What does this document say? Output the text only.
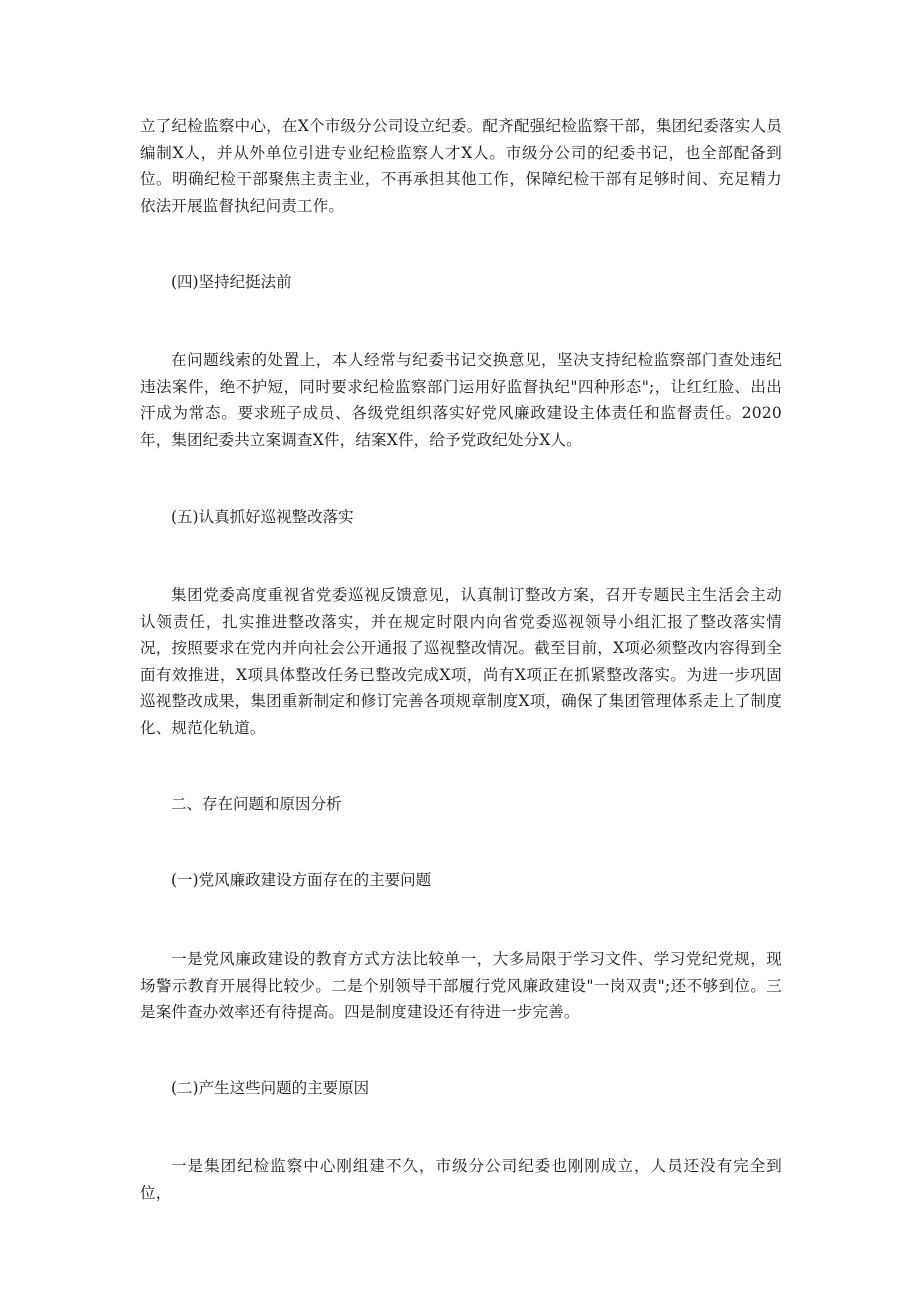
立了纪检监察中心，在X个市级分公司设立纪委。配齐配强纪检监察干部，集团纪委落实人员编制X人，并从外单位引进专业纪检监察人才X人。市级分公司的纪委书记，也全部配备到位。明确纪检干部聚焦主责主业，不再承担其他工作，保障纪检干部有足够时间、充足精力依法开展监督执纪问责工作。

(四)坚持纪挺法前

在问题线索的处置上，本人经常与纪委书记交换意见，坚决支持纪检监察部门查处违纪违法案件，绝不护短，同时要求纪检监察部门运用好监督执纪"四种形态";，让红红脸、出出汗成为常态。要求班子成员、各级党组织落实好党风廉政建设主体责任和监督责任。2020年，集团纪委共立案调查X件，结案X件，给予党政纪处分X人。

(五)认真抓好巡视整改落实

集团党委高度重视省党委巡视反馈意见，认真制订整改方案，召开专题民主生活会主动认领责任，扎实推进整改落实，并在规定时限内向省党委巡视领导小组汇报了整改落实情况，按照要求在党内并向社会公开通报了巡视整改情况。截至目前，X项必须整改内容得到全面有效推进，X项具体整改任务已整改完成X项，尚有X项正在抓紧整改落实。为进一步巩固巡视整改成果，集团重新制定和修订完善各项规章制度X项，确保了集团管理体系走上了制度化、规范化轨道。

二、存在问题和原因分析

(一)党风廉政建设方面存在的主要问题

一是党风廉政建设的教育方式方法比较单一，大多局限于学习文件、学习党纪党规，现场警示教育开展得比较少。二是个别领导干部履行党风廉政建设"一岗双责";还不够到位。三是案件查办效率还有待提高。四是制度建设还有待进一步完善。

(二)产生这些问题的主要原因

一是集团纪检监察中心刚组建不久，市级分公司纪委也刚刚成立，人员还没有完全到位，
